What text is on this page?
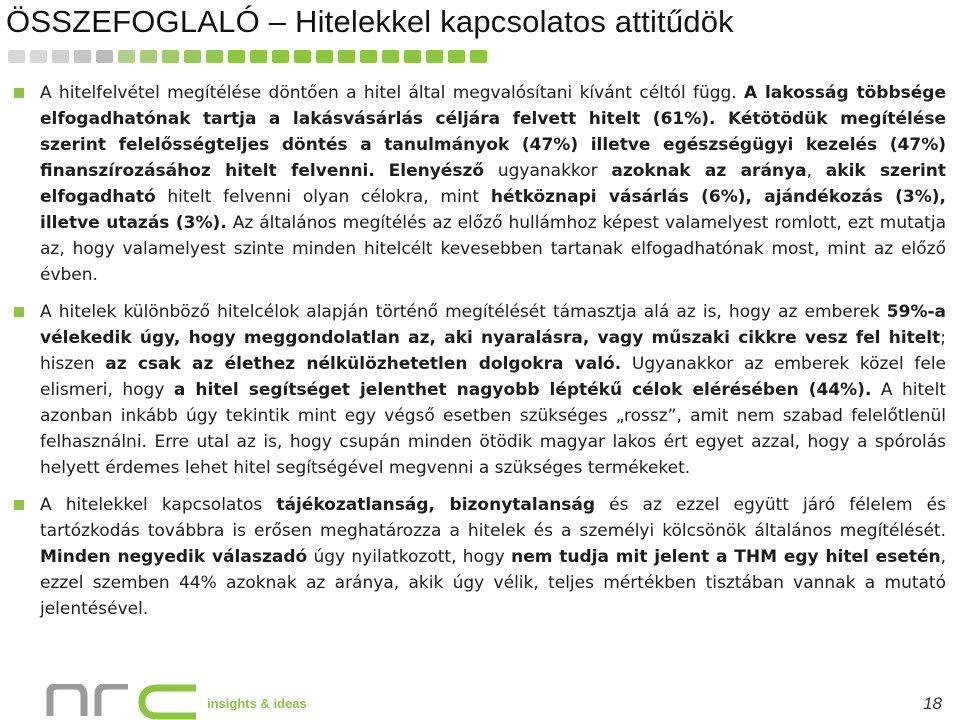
ÖSSZEFOGLALÓ – Hitelekkel kapcsolatos attitűdök
A hitelfelvétel megítélése döntően a hitel által megvalósítani kívánt céltól függ. A lakosság többsége elfogadhatónak tartja a lakásvásárlás céljára felvett hitelt (61%). Kétötödük megítélése szerint felelősségteljes döntés a tanulmányok (47%) illetve egészségügyi kezelés (47%) finanszírozásához hitelt felvenni. Elenyésző ugyanakkor azoknak az aránya, akik szerint elfogadható hitelt felvenni olyan célokra, mint hétköznapi vásárlás (6%), ajándékozás (3%), illetve utazás (3%). Az általános megítélés az előző hullámhoz képest valamelyest romlott, ezt mutatja az, hogy valamelyest szinte minden hitelcélt kevesebben tartanak elfogadhatónak most, mint az előző évben.
A hitelek különböző hitelcélok alapján történő megítélését támasztja alá az is, hogy az emberek 59%-a vélekedik úgy, hogy meggondolatlan az, aki nyaralásra, vagy műszaki cikkre vesz fel hitelt; hiszen az csak az élethez nélkülözhetetlen dolgokra való. Ugyanakkor az emberek közel fele elismeri, hogy a hitel segítséget jelenthet nagyobb léptékű célok elérésében (44%). A hitelt azonban inkább úgy tekintik mint egy végső esetben szükséges „rossz”, amit nem szabad felelőtlenül felhasználni. Erre utal az is, hogy csupán minden ötödik magyar lakos ért egyet azzal, hogy a spórolás helyett érdemes lehet hitel segítségével megvenni a szükséges termékeket.
A hitelekkel kapcsolatos tájékozatlanság, bizonytalanság és az ezzel együtt járó félelem és tartózkodás továbbra is erősen meghatározza a hitelek és a személyi kölcsönök általános megítélését. Minden negyedik válaszadó úgy nyilatkozott, hogy nem tudja mit jelent a THM egy hitel esetén, ezzel szemben 44% azoknak az aránya, akik úgy vélik, teljes mértékben tisztában vannak a mutató jelentésével.
insights & ideas	18
